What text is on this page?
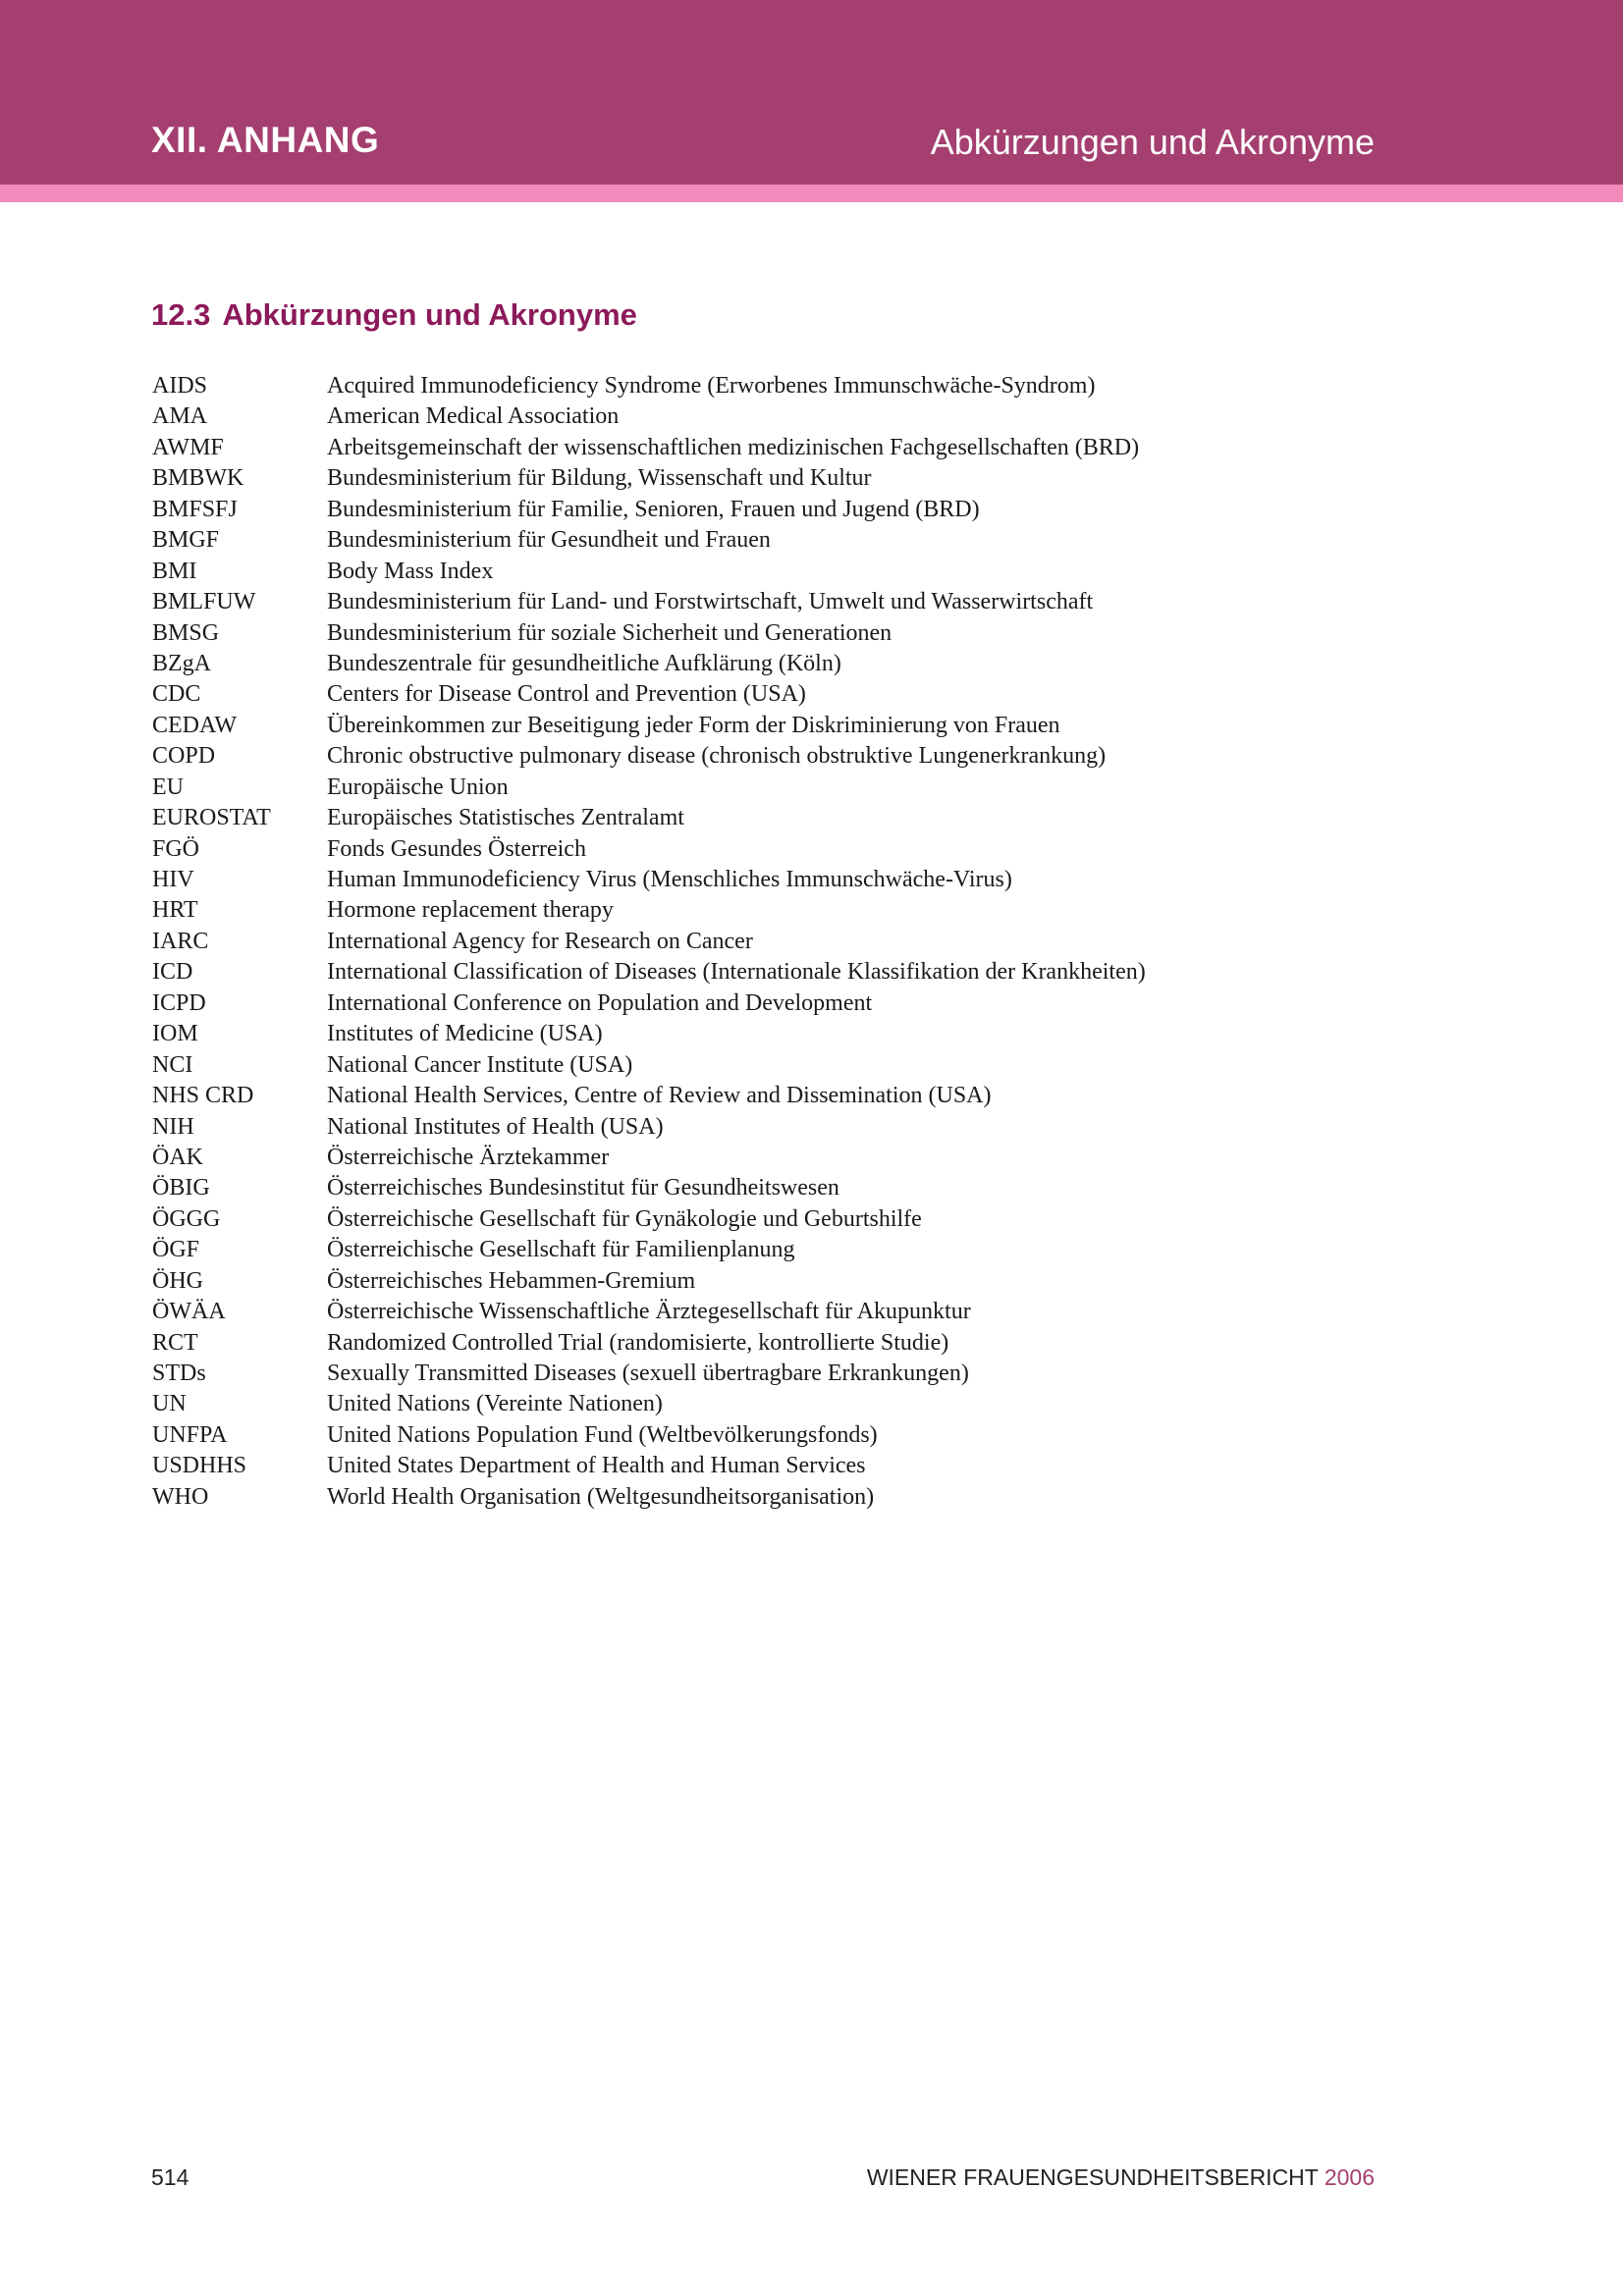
XII. ANHANG	Abkürzungen und Akronyme
12.3 Abkürzungen und Akronyme
AIDS	Acquired Immunodeficiency Syndrome (Erworbenes Immunschwäche-Syndrom)
AMA	American Medical Association
AWMF	Arbeitsgemeinschaft der wissenschaftlichen medizinischen Fachgesellschaften (BRD)
BMBWK	Bundesministerium für Bildung, Wissenschaft und Kultur
BMFSFJ	Bundesministerium für Familie, Senioren, Frauen und Jugend (BRD)
BMGF	Bundesministerium für Gesundheit und Frauen
BMI	Body Mass Index
BMLFUW	Bundesministerium für Land- und Forstwirtschaft, Umwelt und Wasserwirtschaft
BMSG	Bundesministerium für soziale Sicherheit und Generationen
BZgA	Bundeszentrale für gesundheitliche Aufklärung (Köln)
CDC	Centers for Disease Control and Prevention (USA)
CEDAW	Übereinkommen zur Beseitigung jeder Form der Diskriminierung von Frauen
COPD	Chronic obstructive pulmonary disease (chronisch obstruktive Lungenerkrankung)
EU	Europäische Union
EUROSTAT	Europäisches Statistisches Zentralamt
FGÖ	Fonds Gesundes Österreich
HIV	Human Immunodeficiency Virus (Menschliches Immunschwäche-Virus)
HRT	Hormone replacement therapy
IARC	International Agency for Research on Cancer
ICD	International Classification of Diseases (Internationale Klassifikation der Krankheiten)
ICPD	International Conference on Population and Development
IOM	Institutes of Medicine (USA)
NCI	National Cancer Institute (USA)
NHS CRD	National Health Services, Centre of Review and Dissemination (USA)
NIH	National Institutes of Health (USA)
ÖAK	Österreichische Ärztekammer
ÖBIG	Österreichisches Bundesinstitut für Gesundheitswesen
ÖGGG	Österreichische Gesellschaft für Gynäkologie und Geburtshilfe
ÖGF	Österreichische Gesellschaft für Familienplanung
ÖHG	Österreichisches Hebammen-Gremium
ÖWÄA	Österreichische Wissenschaftliche Ärztegesellschaft für Akupunktur
RCT	Randomized Controlled Trial (randomisierte, kontrollierte Studie)
STDs	Sexually Transmitted Diseases (sexuell übertragbare Erkrankungen)
UN	United Nations (Vereinte Nationen)
UNFPA	United Nations Population Fund (Weltbevölkerungsfonds)
USDHHS	United States Department of Health and Human Services
WHO	World Health Organisation (Weltgesundheitsorganisation)
514	WIENER FRAUENGESUNDHEITSBERICHT 2006
